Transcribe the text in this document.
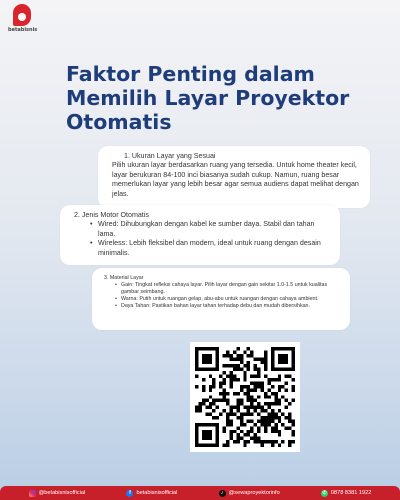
betabisnis
Faktor Penting dalam Memilih Layar Proyektor Otomatis
1. Ukuran Layar yang Sesuai
Pilih ukuran layar berdasarkan ruang yang tersedia. Untuk home theater kecil, layar berukuran 84-100 inci biasanya sudah cukup. Namun, ruang besar memerlukan layar yang lebih besar agar semua audiens dapat melihat dengan jelas.
2. Jenis Motor Otomatis
• Wired: Dihubungkan dengan kabel ke sumber daya. Stabil dan tahan lama.
• Wireless: Lebih fleksibel dan modern, ideal untuk ruang dengan desain minimalis.
3. Material Layar
• Gain: Tingkat refleksi cahaya layar. Pilih layar dengan gain sekitar 1.0-1.5 untuk kualitas gambar seimbang.
• Warna: Putih untuk ruangan gelap, abu-abu untuk ruangan dengan cahaya ambient.
• Daya Tahan: Pastikan bahan layar tahan terhadap debu dan mudah dibersihkan.
@betabisnisofficial	f	betabisnisofficial	♪ @sewaproyektorinfo	✆ 0878 8381 1922
